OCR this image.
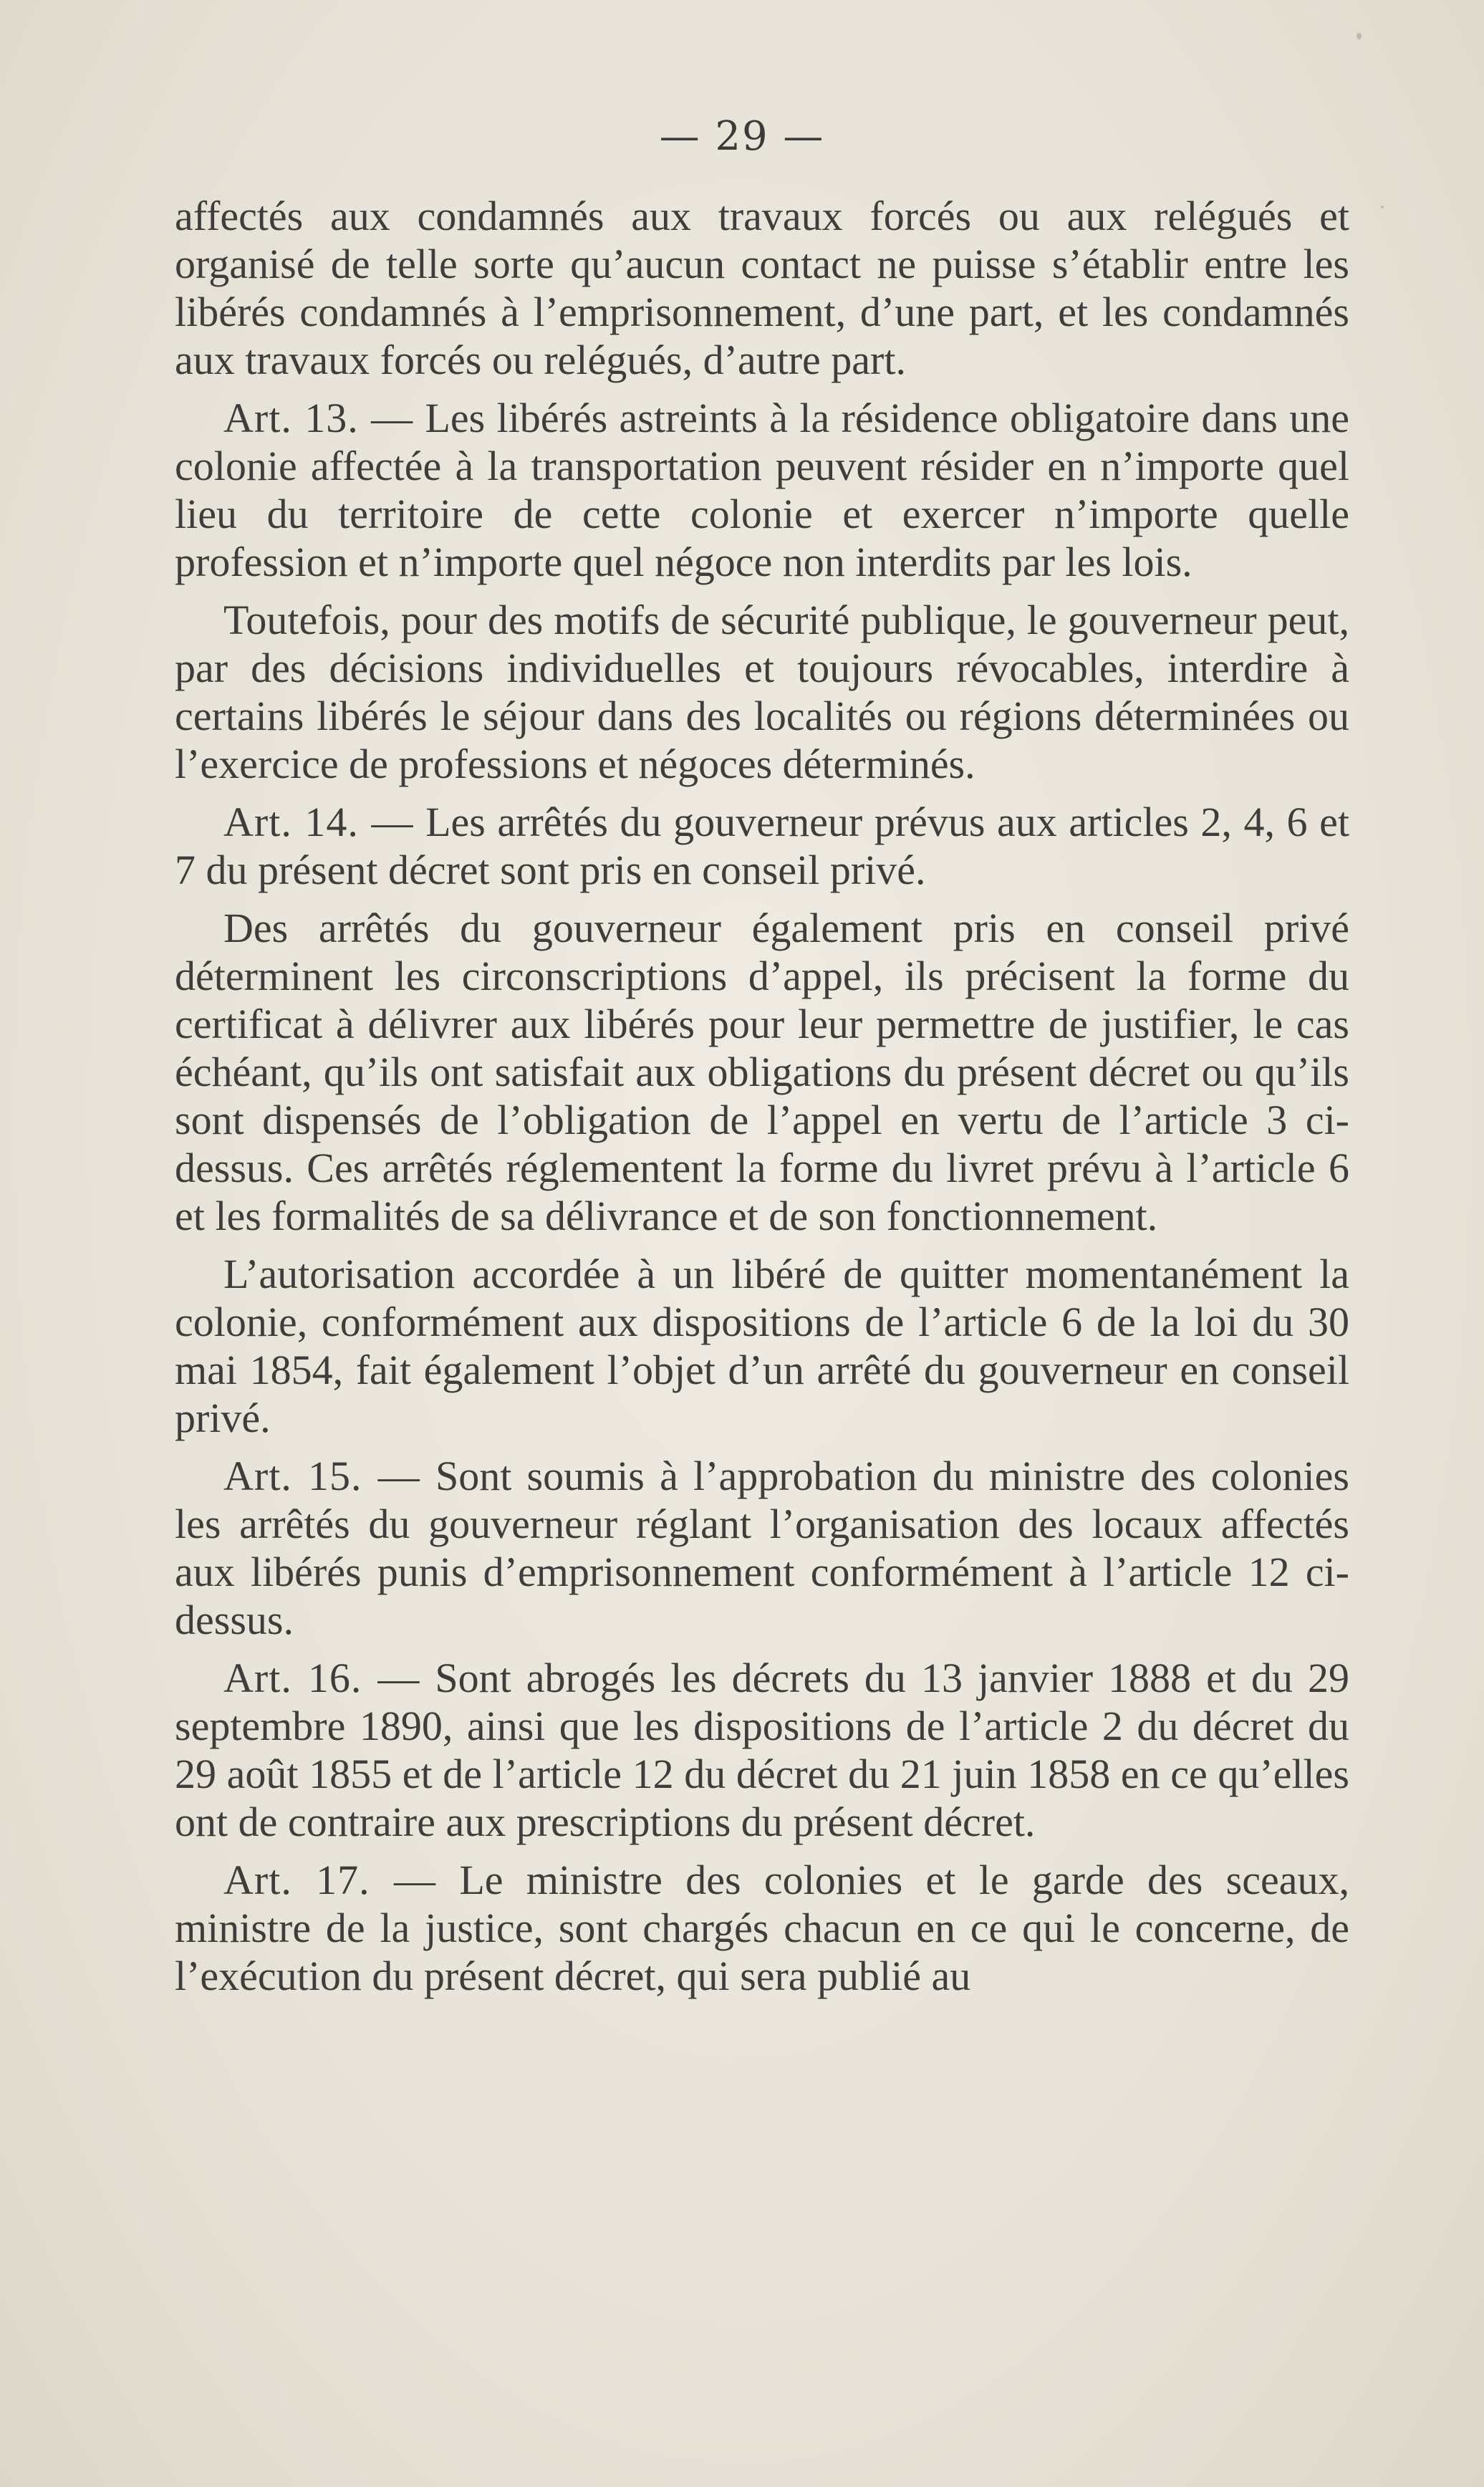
— 29 —

affectés aux condamnés aux travaux forcés ou aux relégués et organisé de telle sorte qu’aucun contact ne puisse s’établir entre les libérés condamnés à l’emprisonnement, d’une part, et les condamnés aux travaux forcés ou relégués, d’autre part.

Art. 13. — Les libérés astreints à la résidence obligatoire dans une colonie affectée à la transportation peuvent résider en n’importe quel lieu du territoire de cette colonie et exercer n’importe quelle profession et n’importe quel négoce non interdits par les lois.

Toutefois, pour des motifs de sécurité publique, le gouverneur peut, par des décisions individuelles et toujours révocables, interdire à certains libérés le séjour dans des localités ou régions déterminées ou l’exercice de professions et négoces déterminés.

Art. 14. — Les arrêtés du gouverneur prévus aux articles 2, 4, 6 et 7 du présent décret sont pris en conseil privé.

Des arrêtés du gouverneur également pris en conseil privé déterminent les circonscriptions d’appel, ils précisent la forme du certificat à délivrer aux libérés pour leur permettre de justifier, le cas échéant, qu’ils ont satisfait aux obligations du présent décret ou qu’ils sont dispensés de l’obligation de l’appel en vertu de l’article 3 ci-dessus. Ces arrêtés réglementent la forme du livret prévu à l’article 6 et les formalités de sa délivrance et de son fonctionnement.

L’autorisation accordée à un libéré de quitter momentanément la colonie, conformément aux dispositions de l’article 6 de la loi du 30 mai 1854, fait également l’objet d’un arrêté du gouverneur en conseil privé.

Art. 15. — Sont soumis à l’approbation du ministre des colonies les arrêtés du gouverneur réglant l’organisation des locaux affectés aux libérés punis d’emprisonnement conformément à l’article 12 ci-dessus.

Art. 16. — Sont abrogés les décrets du 13 janvier 1888 et du 29 septembre 1890, ainsi que les dispositions de l’article 2 du décret du 29 août 1855 et de l’article 12 du décret du 21 juin 1858 en ce qu’elles ont de contraire aux prescriptions du présent décret.

Art. 17. — Le ministre des colonies et le garde des sceaux, ministre de la justice, sont chargés chacun en ce qui le concerne, de l’exécution du présent décret, qui sera publié au
